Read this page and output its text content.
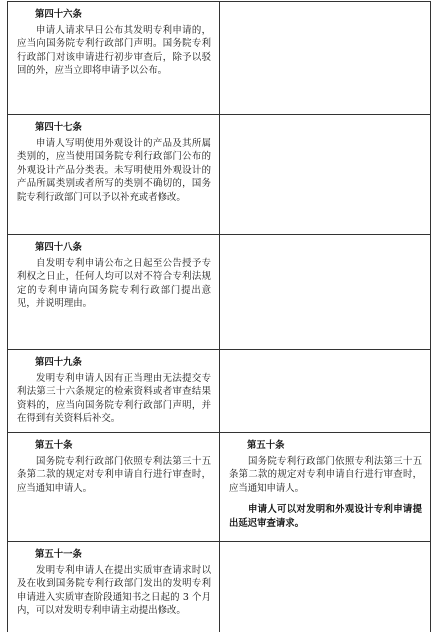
第四十六条
申请人请求早日公布其发明专利申请的，应当向国务院专利行政部门声明。国务院专利行政部门对该申请进行初步审查后，除予以驳回的外，应当立即将申请予以公布。	

第四十七条
申请人写明使用外观设计的产品及其所属类别的，应当使用国务院专利行政部门公布的外观设计产品分类表。未写明使用外观设计的产品所属类别或者所写的类别不确切的，国务院专利行政部门可以予以补充或者修改。	

第四十八条
自发明专利申请公布之日起至公告授予专利权之日止，任何人均可以对不符合专利法规定的专利申请向国务院专利行政部门提出意见，并说明理由。	

第四十九条
发明专利申请人因有正当理由无法提交专利法第三十六条规定的检索资料或者审查结果资料的，应当向国务院专利行政部门声明，并在得到有关资料后补交。	

第五十条
国务院专利行政部门依照专利法第三十五条第二款的规定对专利申请自行进行审查时，应当通知申请人。	第五十条
国务院专利行政部门依照专利法第三十五条第二款的规定对专利申请自行进行审查时，应当通知申请人。
申请人可以对发明和外观设计专利申请提出延迟审查请求。

第五十一条
发明专利申请人在提出实质审查请求时以及在收到国务院专利行政部门发出的发明专利申请进入实质审查阶段通知书之日起的 3 个月内，可以对发明专利申请主动提出修改。	
